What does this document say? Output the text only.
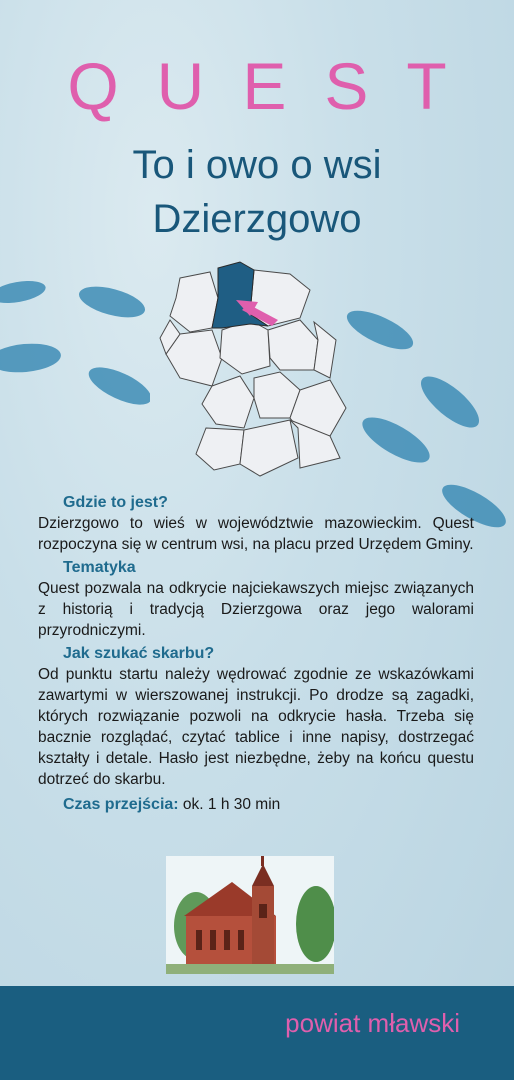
QUEST
To i owo o wsi
Dzierzgowo
Gdzie to jest?

Dzierzgowo to wieś w województwie mazowieckim. Quest rozpoczyna się w centrum wsi, na placu przed Urzędem Gminy.

Tematyka

Quest pozwala na odkrycie najciekawszych miejsc związanych z historią i tradycją Dzierzgowa oraz jego walorami przyrodniczymi.

Jak szukać skarbu?

Od punktu startu należy wędrować zgodnie ze wskazówkami zawartymi w wierszowanej instrukcji. Po drodze są zagadki, których rozwiązanie pozwoli na odkrycie hasła. Trzeba się bacznie rozglądać, czytać tablice i inne napisy, dostrzegać kształty i detale. Hasło jest niezbędne, żeby na końcu questu dotrzeć do skarbu.

Czas przejścia: ok. 1 h 30 min
powiat mławski
